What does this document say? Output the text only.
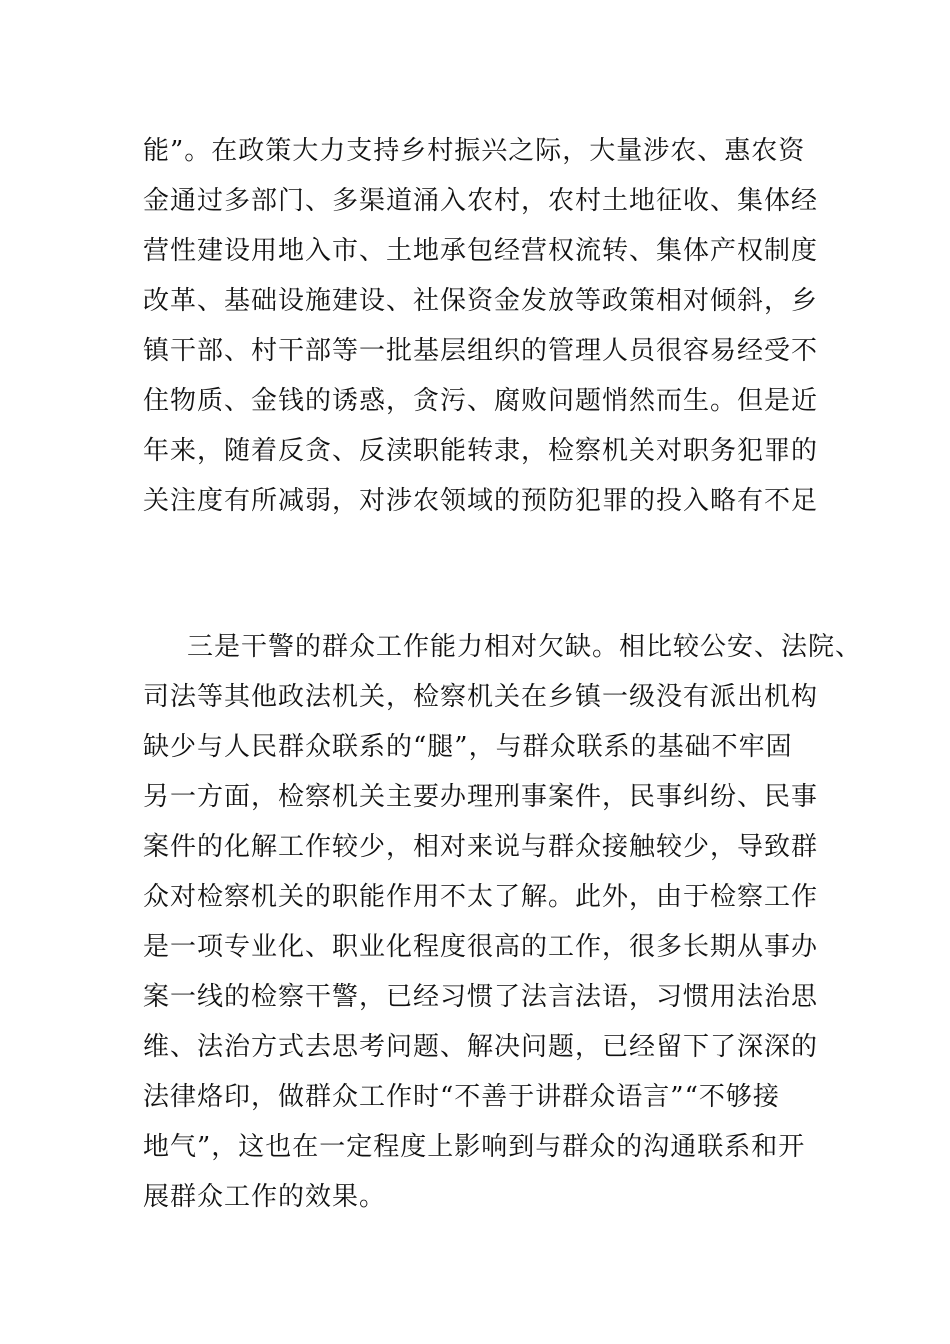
能”。在政策大力支持乡村振兴之际，大量涉农、惠农资
金通过多部门、多渠道涌入农村，农村土地征收、集体经
营性建设用地入市、土地承包经营权流转、集体产权制度
改革、基础设施建设、社保资金发放等政策相对倾斜，乡
镇干部、村干部等一批基层组织的管理人员很容易经受不
住物质、金钱的诱惑，贪污、腐败问题悄然而生。但是近
年来，随着反贪、反渎职能转隶，检察机关对职务犯罪的
关注度有所减弱，对涉农领域的预防犯罪的投入略有不足
三是干警的群众工作能力相对欠缺。相比较公安、法院、
司法等其他政法机关，检察机关在乡镇一级没有派出机构
缺少与人民群众联系的“腿”，与群众联系的基础不牢固
另一方面，检察机关主要办理刑事案件，民事纠纷、民事
案件的化解工作较少，相对来说与群众接触较少，导致群
众对检察机关的职能作用不太了解。此外，由于检察工作
是一项专业化、职业化程度很高的工作，很多长期从事办
案一线的检察干警，已经习惯了法言法语，习惯用法治思
维、法治方式去思考问题、解决问题，已经留下了深深的
法律烙印，做群众工作时“不善于讲群众语言”“不够接
地气”，这也在一定程度上影响到与群众的沟通联系和开
展群众工作的效果。
